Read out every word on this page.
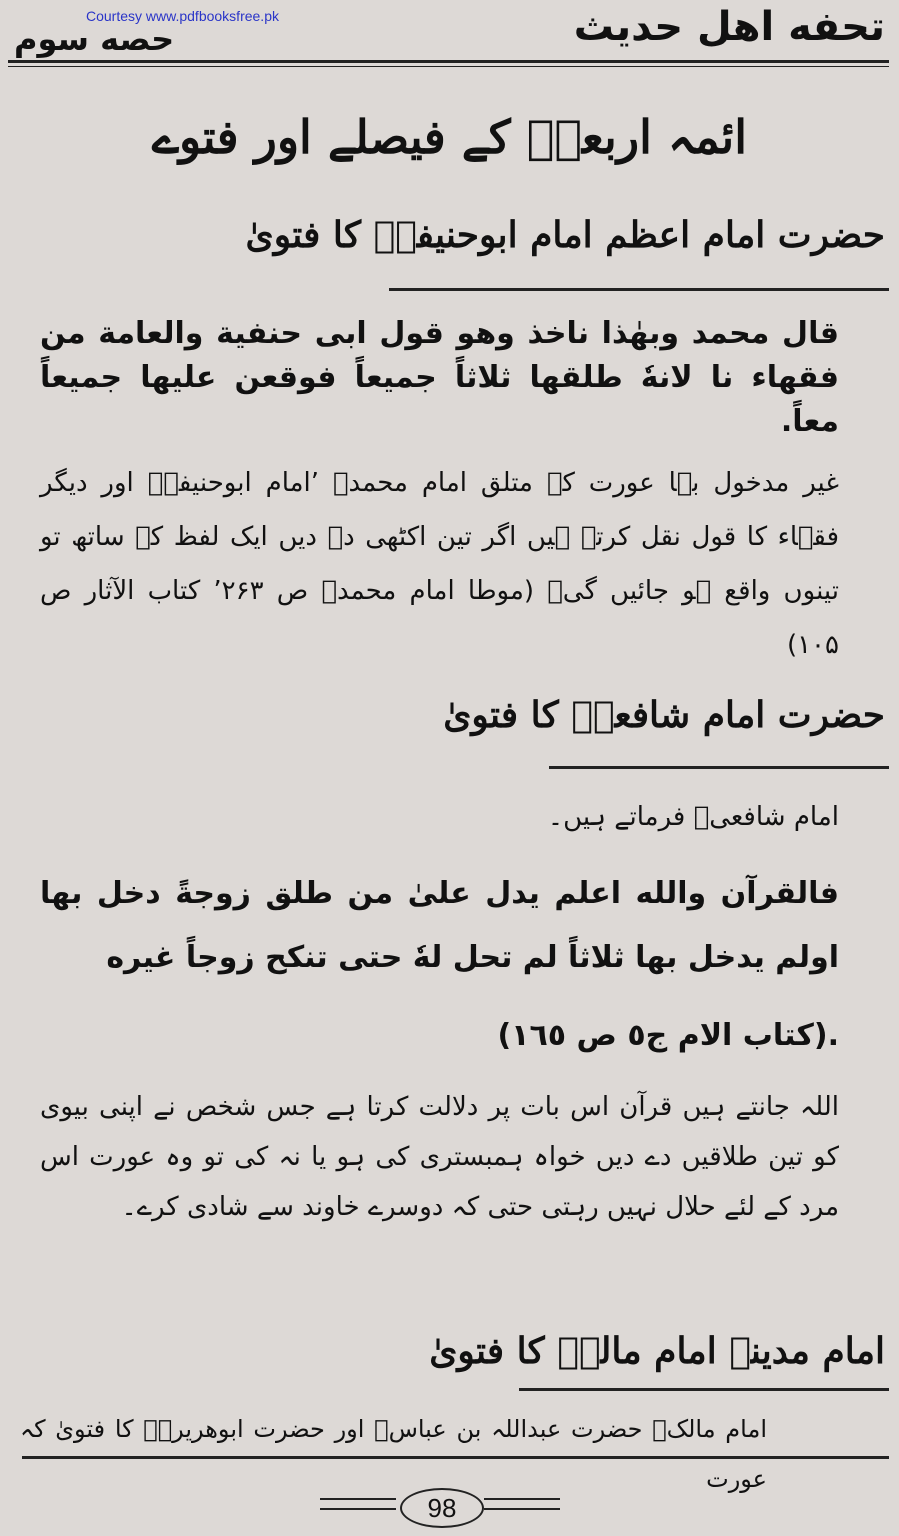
Courtesy www.pdfbooksfree.pk	تحفه اهل حدیث
حصه سوم
ائمہ اربعہؒ کے فیصلے اور فتوے
حضرت امام اعظم امام ابوحنیفہؒ کا فتویٰ
قال محمد وبهٰذا ناخذ وهو قول ابی حنفیة والعامة من فقهاء نا لانهٗ طلقها ثلاثاً جمیعاً فوقعن علیها جمیعاً معاً.
غیر مدخول بہا عورت کے متلق امام محمدؒ ’امام ابوحنیفہؒ اور دیگر فقہاء کا قول نقل کرتے ہیں اگر تین اکٹھی دے دیں ایک لفظ کے ساتھ تو تینوں واقع ہو جائیں گی۔ (موطا امام محمدؒ ص ۲۶۳’ کتاب الآثار ص ۱۰۵)
حضرت امام شافعیؒ کا فتویٰ
امام شافعیؒ فرماتے ہیں۔
فالقرآن والله اعلم یدل علیٰ من طلق زوجةً دخل بها اولم یدخل بها ثلاثاً لم تحل لهٗ حتی تنکح زوجاً غیره
.(کتاب الام ج٥ ص ١٦٥)
اللہ جانتے ہیں قرآن اس بات پر دلالت کرتا ہے جس شخص نے اپنی بیوی کو تین طلاقیں دے دیں خواہ ہمبستری کی ہو یا نہ کی تو وہ عورت اس مرد کے لئے حلال نہیں رہتی حتی کہ دوسرے خاوند سے شادی کرے۔
امام مدینہ امام مالکؒ کا فتویٰ
امام مالکؒ حضرت عبداللہ بن عباسؓ اور حضرت ابوھریرہؓ کا فتویٰ کہ عورت
98
